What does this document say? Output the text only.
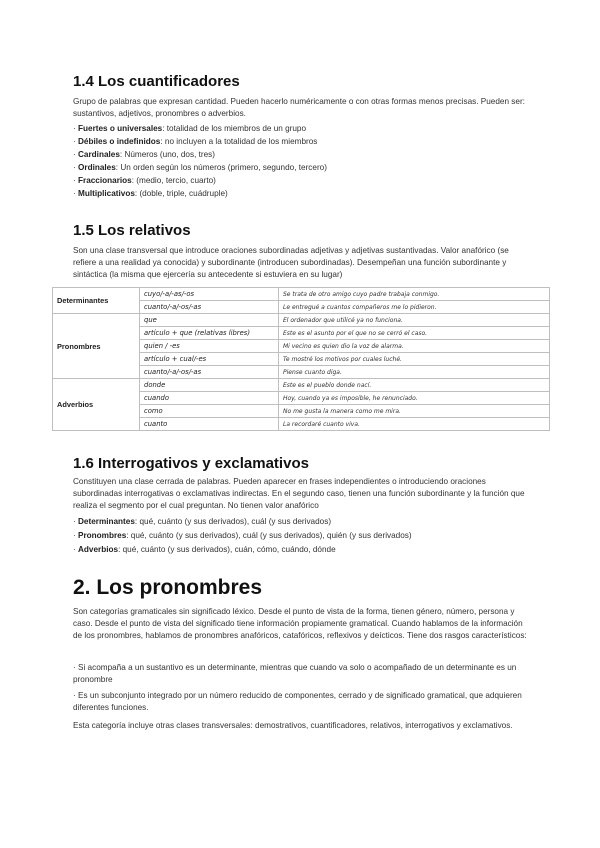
1.4 Los cuantificadores

Grupo de palabras que expresan cantidad. Pueden hacerlo numéricamente o con otras formas menos precisas. Pueden ser: sustantivos, adjetivos, pronombres o adverbios.

· Fuertes o universales: totalidad de los miembros de un grupo
· Débiles o indefinidos: no incluyen a la totalidad de los miembros
· Cardinales: Números (uno, dos, tres)
· Ordinales: Un orden según los números (primero, segundo, tercero)
· Fraccionarios: (medio, tercio, cuarto)
· Multiplicativos: (doble, triple, cuádruple)
1.5 Los relativos

Son una clase transversal que introduce oraciones subordinadas adjetivas y adjetivas sustantivadas. Valor anafórico (se refiere a una realidad ya conocida) y subordinante (introducen subordinadas). Desempeñan una función subordinante y sintáctica (la misma que ejercería su antecedente si estuviera en su lugar)

Determinantes	cuyo/-a/-as/-os	Se trata de otro amigo cuyo padre trabaja conmigo.
	cuanto/-a/-os/-as	Le entregué a cuantos compañeros me lo pidieron.
Pronombres	que	El ordenador que utilicé ya no funciona.
	artículo + que (relativas libres)	Este es el asunto por el que no se cerró el caso.
	quien / -es	Mi vecino es quien dio la voz de alarma.
	artículo + cual/-es	Te mostré los motivos por cuales luché.
	cuanto/-a/-os/-as	Piense cuanto diga.
Adverbios	donde	Este es el pueblo donde nací.
	cuando	Hoy, cuando ya es imposible, he renunciado.
	como	No me gusta la manera como me mira.
	cuanto	La recordaré cuanto viva.
1.6 Interrogativos y exclamativos

Constituyen una clase cerrada de palabras. Pueden aparecer en frases independientes o introduciendo oraciones subordinadas interrogativas o exclamativas indirectas. En el segundo caso, tienen una función subordinante y la función que realiza el segmento por el cual preguntan. No tienen valor anafórico

· Determinantes: qué, cuánto (y sus derivados), cuál (y sus derivados)
· Pronombres: qué, cuánto (y sus derivados), cuál (y sus derivados), quién (y sus derivados)
· Adverbios: qué, cuánto (y sus derivados), cuán, cómo, cuándo, dónde
2. Los pronombres

Son categorías gramaticales sin significado léxico. Desde el punto de vista de la forma, tienen género, número, persona y caso. Desde el punto de vista del significado tiene información propiamente gramatical. Cuando hablamos de la información de los pronombres, hablamos de pronombres anafóricos, catafóricos, reflexivos y deícticos. Tiene dos rasgos característicos:

· Si acompaña a un sustantivo es un determinante, mientras que cuando va solo o acompañado de un determinante es un pronombre

· Es un subconjunto integrado por un número reducido de componentes, cerrado y de significado gramatical, que adquieren diferentes funciones.

Esta categoría incluye otras clases transversales: demostrativos, cuantificadores, relativos, interrogativos y exclamativos.
